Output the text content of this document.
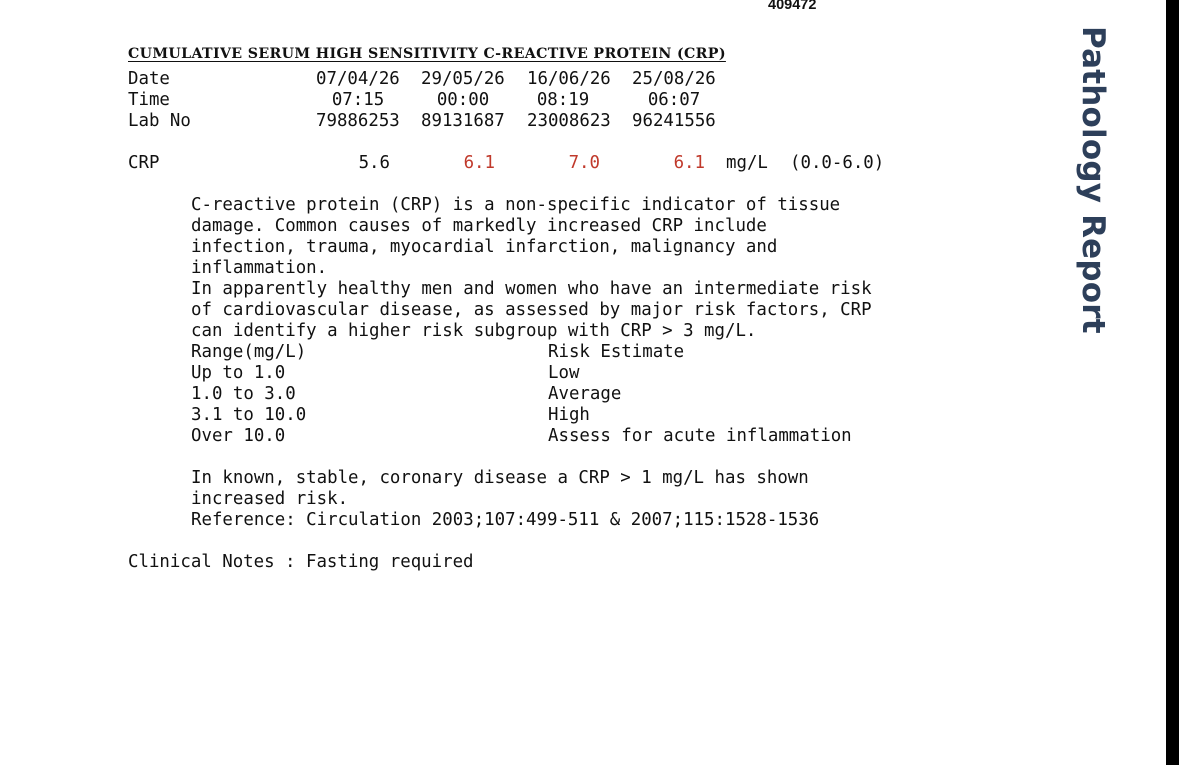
409472
CUMULATIVE SERUM HIGH SENSITIVITY C-REACTIVE PROTEIN (CRP)
Date	07/04/26 29/05/26 16/06/26 25/08/26
Time	07:15	00:00	08:19	06:07
Lab No	79886253 89131687 23008623 96241556
CRP	5.6	6.1	7.0	6.1 mg/L (0.0-6.0)
C-reactive protein (CRP) is a non-specific indicator of tissue
damage. Common causes of markedly increased CRP include
infection, trauma, myocardial infarction, malignancy and
inflammation.
In apparently healthy men and women who have an intermediate risk
of cardiovascular disease, as assessed by major risk factors, CRP
can identify a higher risk subgroup with CRP > 3 mg/L.
Range(mg/L)	Risk Estimate
Up to 1.0	Low
1.0 to 3.0	Average
3.1 to 10.0	High
Over 10.0	Assess for acute inflammation
In known, stable, coronary disease a CRP > 1 mg/L has shown
increased risk.
Reference: Circulation 2003;107:499-511 & 2007;115:1528-1536
Clinical Notes : Fasting required
Pathology Report
